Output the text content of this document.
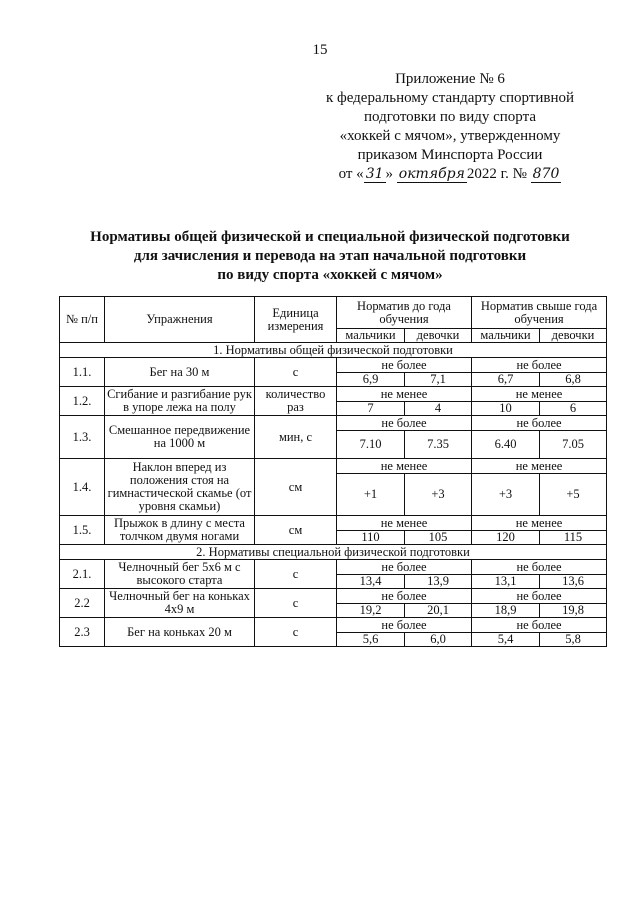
15
Приложение № 6
к федеральному стандарту спортивной
подготовки по виду спорта
«хоккей с мячом», утвержденному
приказом Минспорта России
от « 31 » октября 2022 г. № 870
Нормативы общей физической и специальной физической подготовки
для зачисления и перевода на этап начальной подготовки
по виду спорта «хоккей с мячом»
№ п/п	Упражнения	Единица измерения	Норматив до года обучения		Норматив свыше года обучения	
			мальчики	девочки	мальчики	девочки
1. Нормативы общей физической подготовки						
1.1.	Бег на 30 м	с	не более		не более	
			6,9	7,1	6,7	6,8
1.2.	Сгибание и разгибание рук в упоре лежа на полу	количество раз	не менее		не менее	
			7	4	10	6
1.3.	Смешанное передвижение на 1000 м	мин, с	не более		не более	
			7.10	7.35	6.40	7.05
1.4.	Наклон вперед из положения стоя на гимнастической скамье (от уровня скамьи)	см	не менее		не менее	
			+1	+3	+3	+5
1.5.	Прыжок в длину с места толчком двумя ногами	см	не менее		не менее	
			110	105	120	115
2. Нормативы специальной физической подготовки						
2.1.	Челночный бег 5х6 м с высокого старта	с	не более		не более	
			13,4	13,9	13,1	13,6
2.2	Челночный бег на коньках 4х9 м	с	не более		не более	
			19,2	20,1	18,9	19,8
2.3	Бег на коньках 20 м	с	не более		не более	
			5,6	6,0	5,4	5,8
